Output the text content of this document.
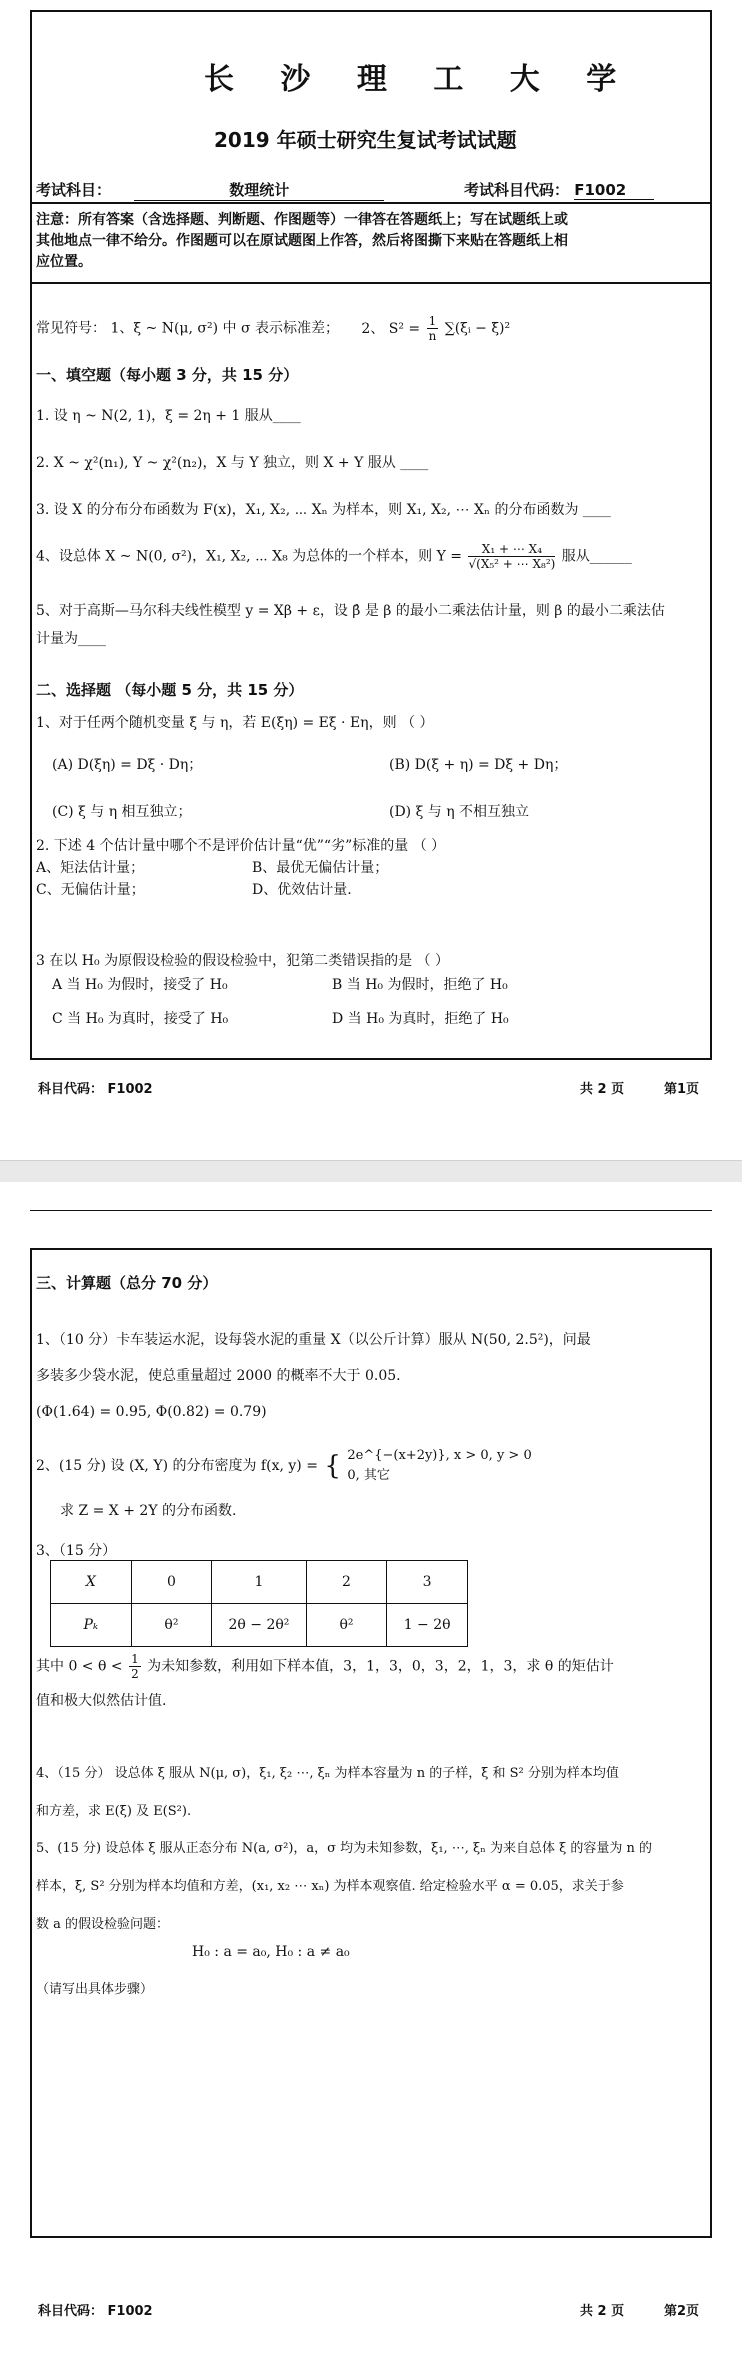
长 沙 理 工 大 学
2019 年硕士研究生复试考试试题
考试科目：	数理统计	考试科目代码： F1002
注意：所有答案（含选择题、判断题、作图题等）一律答在答题纸上；写在试题纸上或
其他地点一律不给分。作图题可以在原试题图上作答，然后将图撕下来贴在答题纸上相
应位置。
常见符号： 1、ξ ~ N(μ, σ²) 中 σ 表示标准差； 2、 $S^2 = \frac{1}{n}$ ∑(ξᵢ − ξ̄)²
一、填空题（每小题 3 分，共 15 分）
1. 设 η ~ N(2, 1)，ξ = 2η + 1 服从____
2. X ~ χ²(n₁), Y ~ χ²(n₂)，X 与 Y 独立，则 X + Y 服从 ____
3. 设 X 的分布分布函数为 F(x)，X₁, X₂, ⋯ Xₙ 为样本，则 X₁, X₂, ⋯ Xₙ 的分布函数为 ____
4、设总体 X ~ N(0, σ²)，X₁, X₂, ⋯ X₈ 为总体的一个样本，则 $Y = \frac{\text{X₁ + ⋯ X₄}}{\text{√(X₅² + ⋯ X₈²)}}$ 服从______
5、对于高斯—马尔科夫线性模型 y = Xβ + ε，设 β̂ 是 β 的最小二乘法估计量，则 β 的最小二乘法估
计量为____
二、选择题 （每小题 5 分，共 15 分）
1、对于任两个随机变量 ξ 与 η，若 E(ξη) = Eξ · Eη，则 （ ）
(A) D(ξη) = Dξ · Dη；	(B) D(ξ + η) = Dξ + Dη；
(C) ξ 与 η 相互独立；	(D) ξ 与 η 不相互独立
2. 下述 4 个估计量中哪个不是评价估计量“优”“劣”标准的量 （ ）
A、矩法估计量；	B、最优无偏估计量；
C、无偏估计量；	D、优效估计量.
3 在以 H₀ 为原假设检验的假设检验中，犯第二类错误指的是 （ ）
A 当 H₀ 为假时，接受了 H₀	B 当 H₀ 为假时，拒绝了 H₀
C 当 H₀ 为真时，接受了 H₀	D 当 H₀ 为真时，拒绝了 H₀
科目代码： F1002	共 2 页	第1页
三、计算题（总分 70 分）
1、（10 分）卡车装运水泥，设每袋水泥的重量 X（以公斤计算）服从 N(50, 2.5²)，问最
多装多少袋水泥，使总重量超过 2000 的概率不大于 0.05.
(Φ(1.64) = 0.95, Φ(0.82) = 0.79)
2、(15 分) 设 (X, Y) 的分布密度为 f(x, y) = { 2e^{−(x+2y)}, x > 0, y > 0
0, 其它
求 Z = X + 2Y 的分布函数.
3、（15 分）
X	0	1	2	3
Pₖ	θ²	2θ − 2θ²	θ²	1 − 2θ
其中 $0 < \theta < \frac{1}{2}$ 为未知参数，利用如下样本值，3，1，3，0，3，2，1，3，求 θ 的矩估计
值和极大似然估计值.
4、（15 分） 设总体 ξ 服从 N(μ, σ)，ξ₁, ξ₂ ⋯, ξₙ 为样本容量为 n 的子样，ξ̄ 和 S² 分别为样本均值
和方差，求 E(ξ̄) 及 E(S²).
5、(15 分) 设总体 ξ 服从正态分布 N(a, σ²)，a，σ 均为未知参数，ξ₁, ⋯, ξₙ 为来自总体 ξ 的容量为 n 的
样本，ξ̄, S² 分别为样本均值和方差，(x₁, x₂ ⋯ xₙ) 为样本观察值. 给定检验水平 α = 0.05，求关于参
数 a 的假设检验问题：
H₀ : a = a₀, H₀ : a ≠ a₀
（请写出具体步骤）
科目代码： F1002	共 2 页	第2页
